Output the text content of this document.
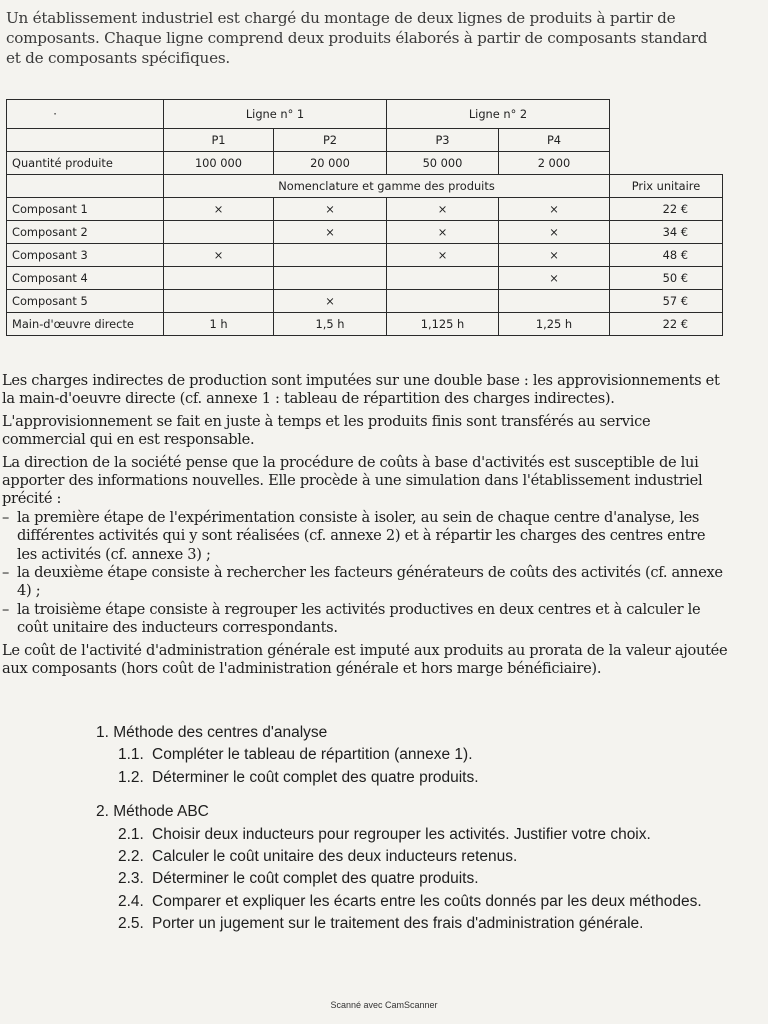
Un établissement industriel est chargé du montage de deux lignes de produits à partir de composants. Chaque ligne comprend deux produits élaborés à partir de composants standard et de composants spécifiques.
·	Ligne n° 1		Ligne n° 2		
	P1	P2	P3	P4	
Quantité produite	100 000	20 000	50 000	2 000	
	Nomenclature et gamme des produits				Prix unitaire
Composant 1	×	×	×	×	22 €
Composant 2		×	×	×	34 €
Composant 3	×		×	×	48 €
Composant 4				×	50 €
Composant 5		×			57 €
Main-d'œuvre directe	1 h	1,5 h	1,125 h	1,25 h	22 €

Les charges indirectes de production sont imputées sur une double base : les approvisionnements et la main-d'oeuvre directe (cf. annexe 1 : tableau de répartition des charges indirectes).

L'approvisionnement se fait en juste à temps et les produits finis sont transférés au service commercial qui en est responsable.

La direction de la société pense que la procédure de coûts à base d'activités est susceptible de lui apporter des informations nouvelles. Elle procède à une simulation dans l'établissement industriel précité :

– la première étape de l'expérimentation consiste à isoler, au sein de chaque centre d'analyse, les différentes activités qui y sont réalisées (cf. annexe 2) et à répartir les charges des centres entre les activités (cf. annexe 3) ;
– la deuxième étape consiste à rechercher les facteurs générateurs de coûts des activités (cf. annexe 4) ;
– la troisième étape consiste à regrouper les activités productives en deux centres et à calculer le coût unitaire des inducteurs correspondants.

Le coût de l'activité d'administration générale est imputé aux produits au prorata de la valeur ajoutée aux composants (hors coût de l'administration générale et hors marge bénéficiaire).

1. Méthode des centres d'analyse

1.1. Compléter le tableau de répartition (annexe 1).
1.2. Déterminer le coût complet des quatre produits.

2. Méthode ABC

2.1. Choisir deux inducteurs pour regrouper les activités. Justifier votre choix.
2.2. Calculer le coût unitaire des deux inducteurs retenus.
2.3. Déterminer le coût complet des quatre produits.
2.4. Comparer et expliquer les écarts entre les coûts donnés par les deux méthodes.
2.5. Porter un jugement sur le traitement des frais d'administration générale.
Scanné avec CamScanner
